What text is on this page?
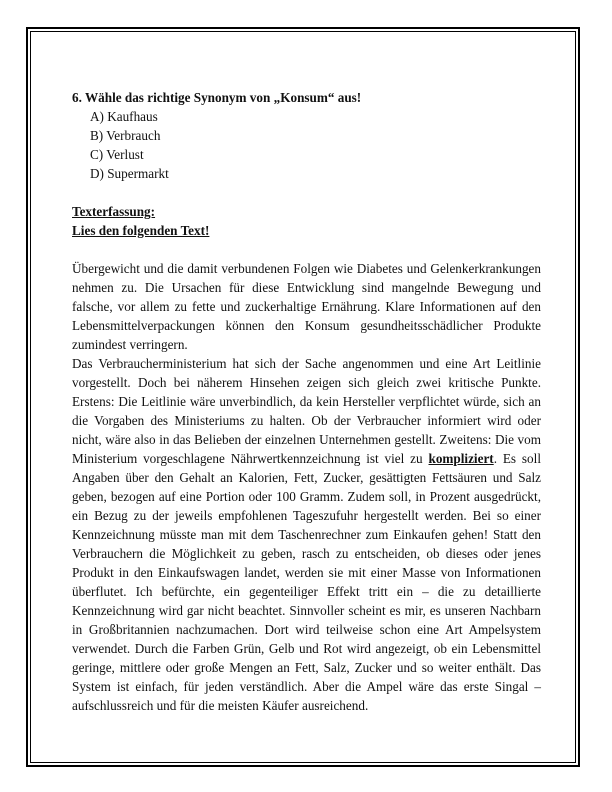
6. Wähle das richtige Synonym von „Konsum“ aus!

A) Kaufhaus
B) Verbrauch
C) Verlust
D) Supermarkt

Texterfassung:

Lies den folgenden Text!

Übergewicht und die damit verbundenen Folgen wie Diabetes und Gelenkerkrankungen nehmen zu. Die Ursachen für diese Entwicklung sind mangelnde Bewegung und falsche, vor allem zu fette und zuckerhaltige Ernährung. Klare Informationen auf den Lebensmittelverpackungen können den Konsum gesundheitsschädlicher Produkte zumindest verringern.

Das Verbraucherministerium hat sich der Sache angenommen und eine Art Leitlinie vorgestellt. Doch bei näherem Hinsehen zeigen sich gleich zwei kritische Punkte. Erstens: Die Leitlinie wäre unverbindlich, da kein Hersteller verpflichtet würde, sich an die Vorgaben des Ministeriums zu halten. Ob der Verbraucher informiert wird oder nicht, wäre also in das Belieben der einzelnen Unternehmen gestellt. Zweitens: Die vom Ministerium vorgeschlagene Nährwertkennzeichnung ist viel zu kompliziert. Es soll Angaben über den Gehalt an Kalorien, Fett, Zucker, gesättigten Fettsäuren und Salz geben, bezogen auf eine Portion oder 100 Gramm. Zudem soll, in Prozent ausgedrückt, ein Bezug zu der jeweils empfohlenen Tageszufuhr hergestellt werden. Bei so einer Kennzeichnung müsste man mit dem Taschenrechner zum Einkaufen gehen! Statt den Verbrauchern die Möglichkeit zu geben, rasch zu entscheiden, ob dieses oder jenes Produkt in den Einkaufswagen landet, werden sie mit einer Masse von Informationen überflutet. Ich befürchte, ein gegenteiliger Effekt tritt ein – die zu detaillierte Kennzeichnung wird gar nicht beachtet. Sinnvoller scheint es mir, es unseren Nachbarn in Großbritannien nachzumachen. Dort wird teilweise schon eine Art Ampelsystem verwendet. Durch die Farben Grün, Gelb und Rot wird angezeigt, ob ein Lebensmittel geringe, mittlere oder große Mengen an Fett, Salz, Zucker und so weiter enthält. Das System ist einfach, für jeden verständlich. Aber die Ampel wäre das erste Singal – aufschlussreich und für die meisten Käufer ausreichend.
